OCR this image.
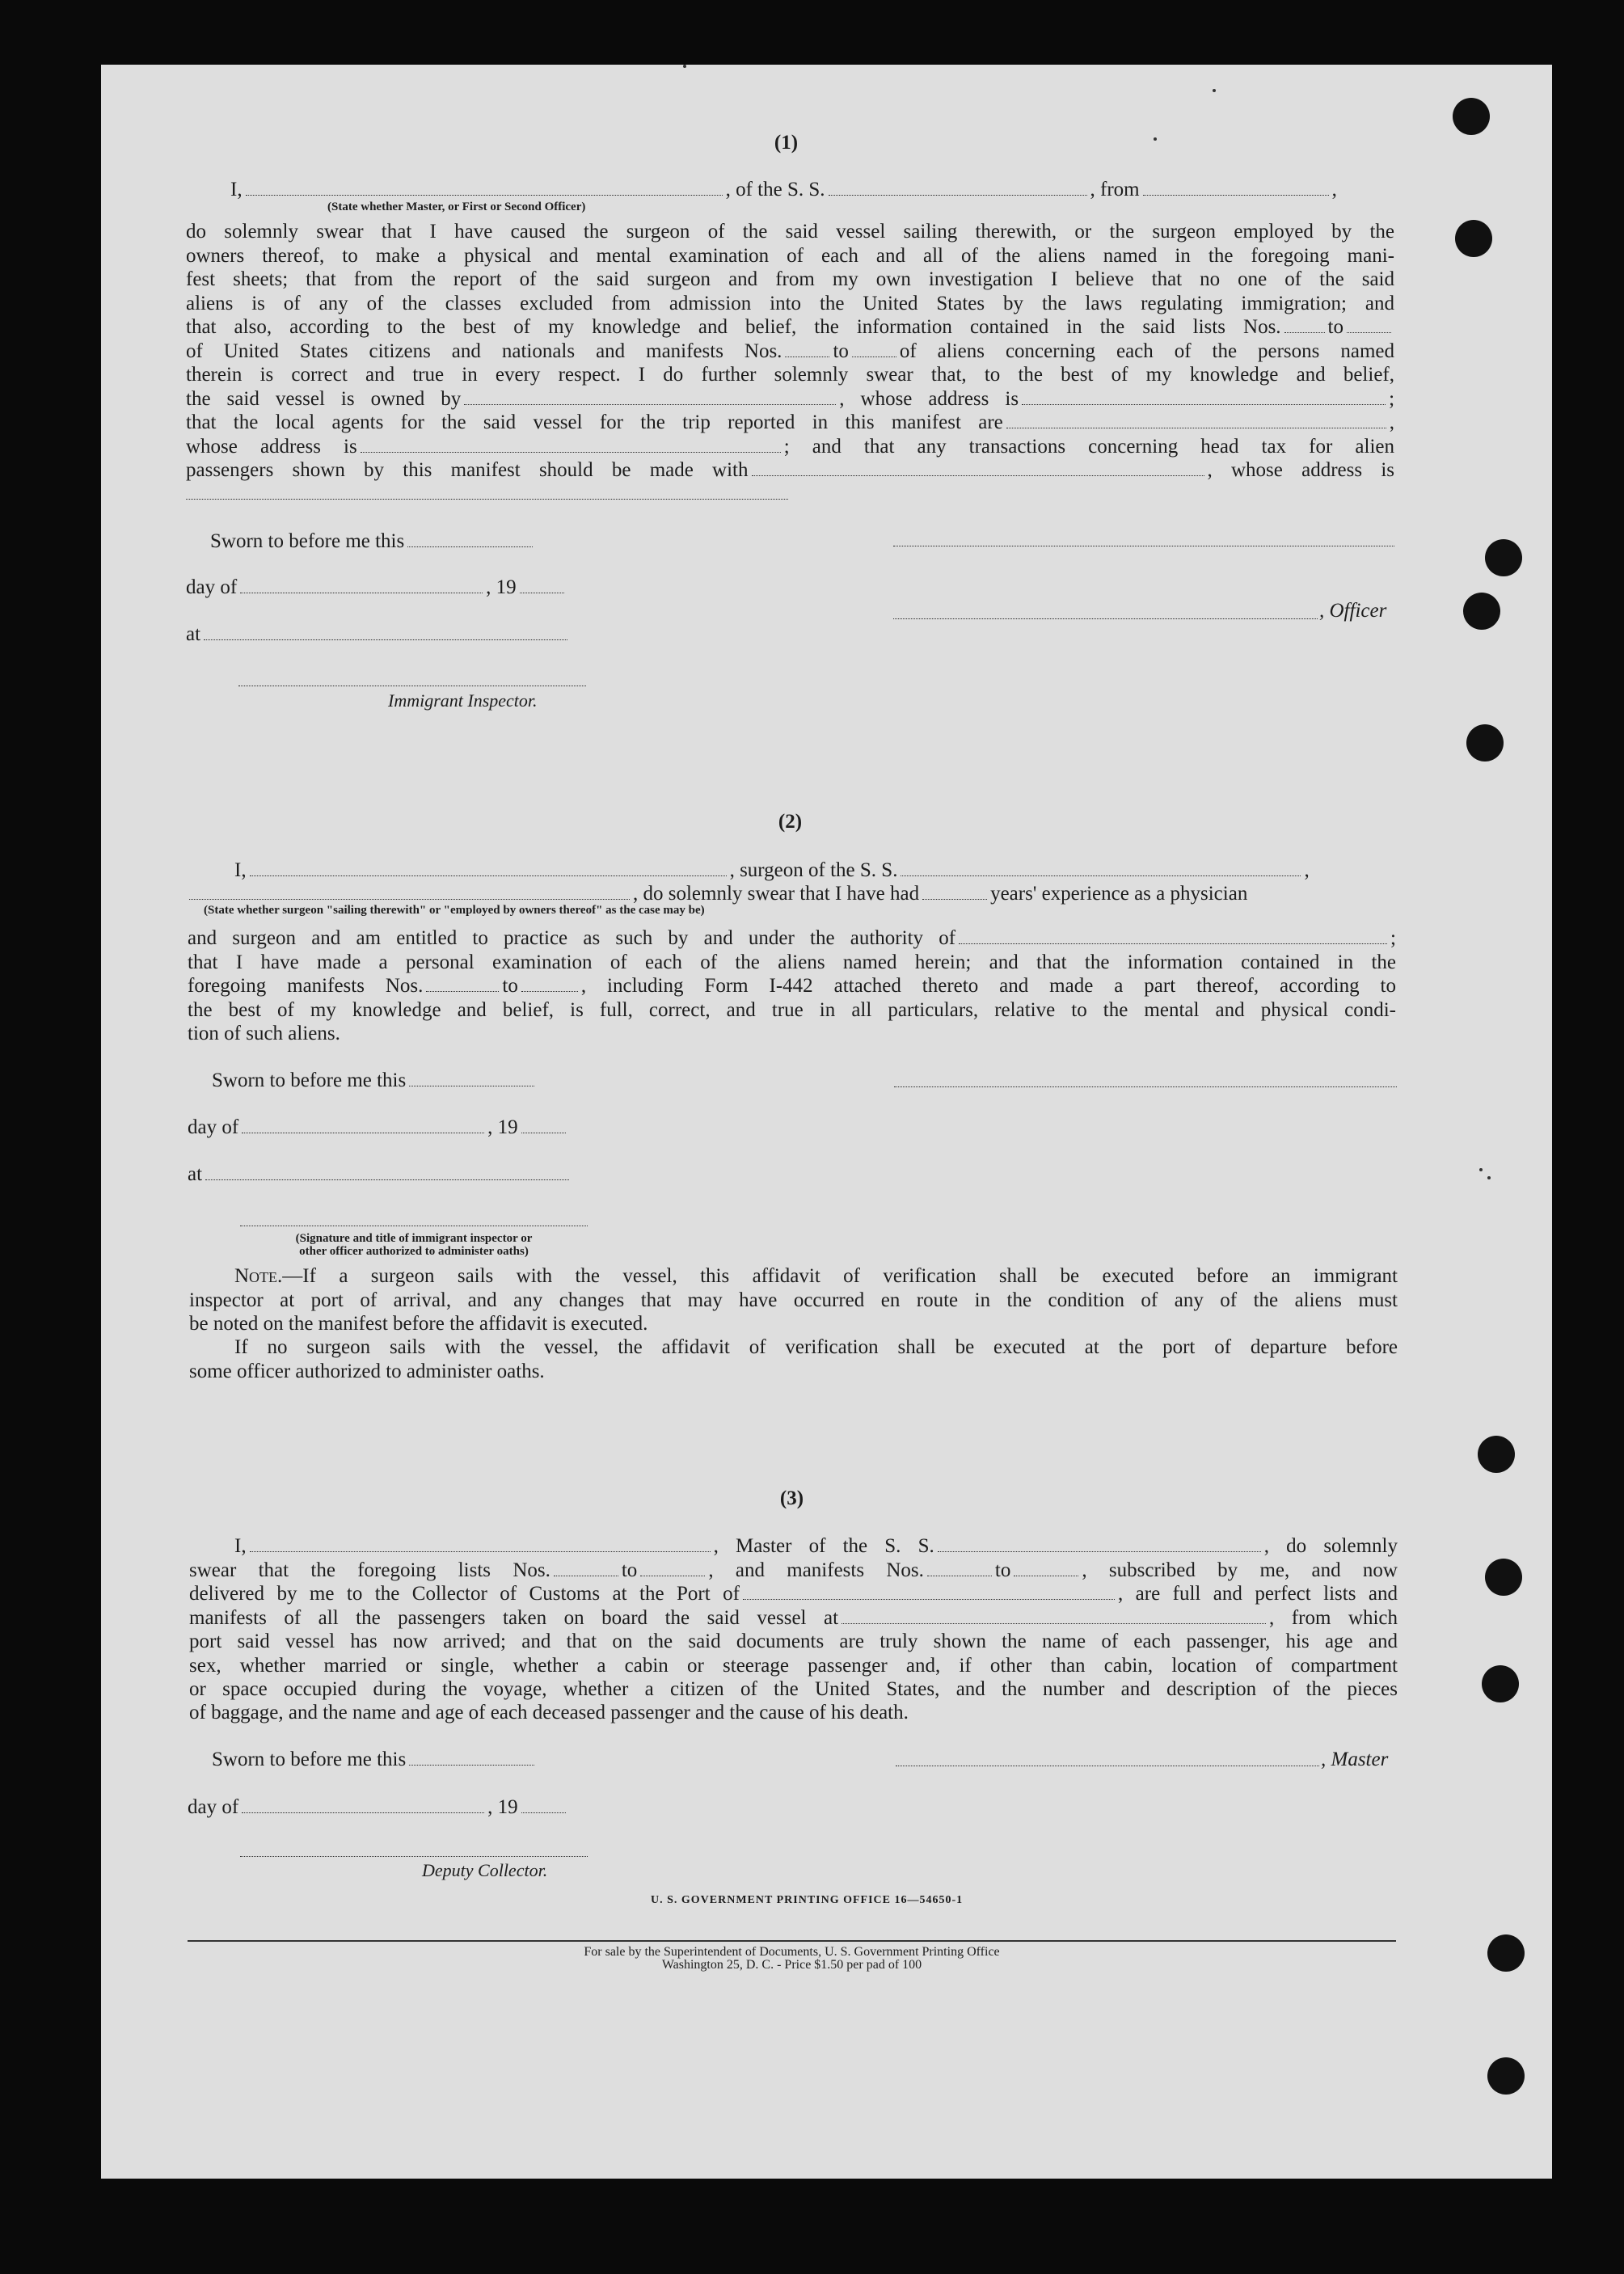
(1)
I,	, of the S. S.	, from	,
(State whether Master, or First or Second Officer)
do solemnly swear that I have caused the surgeon of the said vessel sailing therewith, or the surgeon employed by the
owners thereof, to make a physical and mental examination of each and all of the aliens named in the foregoing mani-
fest sheets; that from the report of the said surgeon and from my own investigation I believe that no one of the said
aliens is of any of the classes excluded from admission into the United States by the laws regulating immigration; and
that also, according to the best of my knowledge and belief, the information contained in the said lists Nos. to
of United States citizens and nationals and manifests Nos.	to	of aliens concerning each of the persons named
therein is correct and true in every respect. I do further solemnly swear that, to the best of my knowledge and belief,
the said vessel is owned by	, whose address is	;
that the local agents for the said vessel for the trip reported in this manifest are	,
whose address is	; and that any transactions concerning head tax for alien
passengers shown by this manifest should be made with	, whose address is
Sworn to before me this
day of	, 19
at
Immigrant Inspector.
, Officer
(2)
I,	, surgeon of the S. S.	,
, do solemnly swear that I have had	years' experience as a physician
(State whether surgeon "sailing therewith" or "employed by owners thereof" as the case may be)
and surgeon and am entitled to practice as such by and under the authority of	;
that I have made a personal examination of each of the aliens named herein; and that the information contained in the
foregoing manifests Nos.	to	, including Form I-442 attached thereto and made a part thereof, according to
the best of my knowledge and belief, is full, correct, and true in all particulars, relative to the mental and physical condi-
tion of such aliens.
Sworn to before me this
day of	, 19
at
(Signature and title of immigrant inspector or
other officer authorized to administer oaths)
Note.—If a surgeon sails with the vessel, this affidavit of verification shall be executed before an immigrant
inspector at port of arrival, and any changes that may have occurred en route in the condition of any of the aliens must
be noted on the manifest before the affidavit is executed.
If no surgeon sails with the vessel, the affidavit of verification shall be executed at the port of departure before
some officer authorized to administer oaths.
(3)
I,	, Master of the S. S.	, do solemnly
swear that the foregoing lists Nos.	to	, and manifests Nos.	to	, subscribed by me, and now
delivered by me to the Collector of Customs at the Port of	, are full and perfect lists and
manifests of all the passengers taken on board the said vessel at	, from which
port said vessel has now arrived; and that on the said documents are truly shown the name of each passenger, his age and
sex, whether married or single, whether a cabin or steerage passenger and, if other than cabin, location of compartment
or space occupied during the voyage, whether a citizen of the United States, and the number and description of the pieces
of baggage, and the name and age of each deceased passenger and the cause of his death.
Sworn to before me this	, Master
day of	, 19
Deputy Collector.
U. S. GOVERNMENT PRINTING OFFICE 16—54650-1
For sale by the Superintendent of Documents, U. S. Government Printing Office
Washington 25, D. C. - Price $1.50 per pad of 100
